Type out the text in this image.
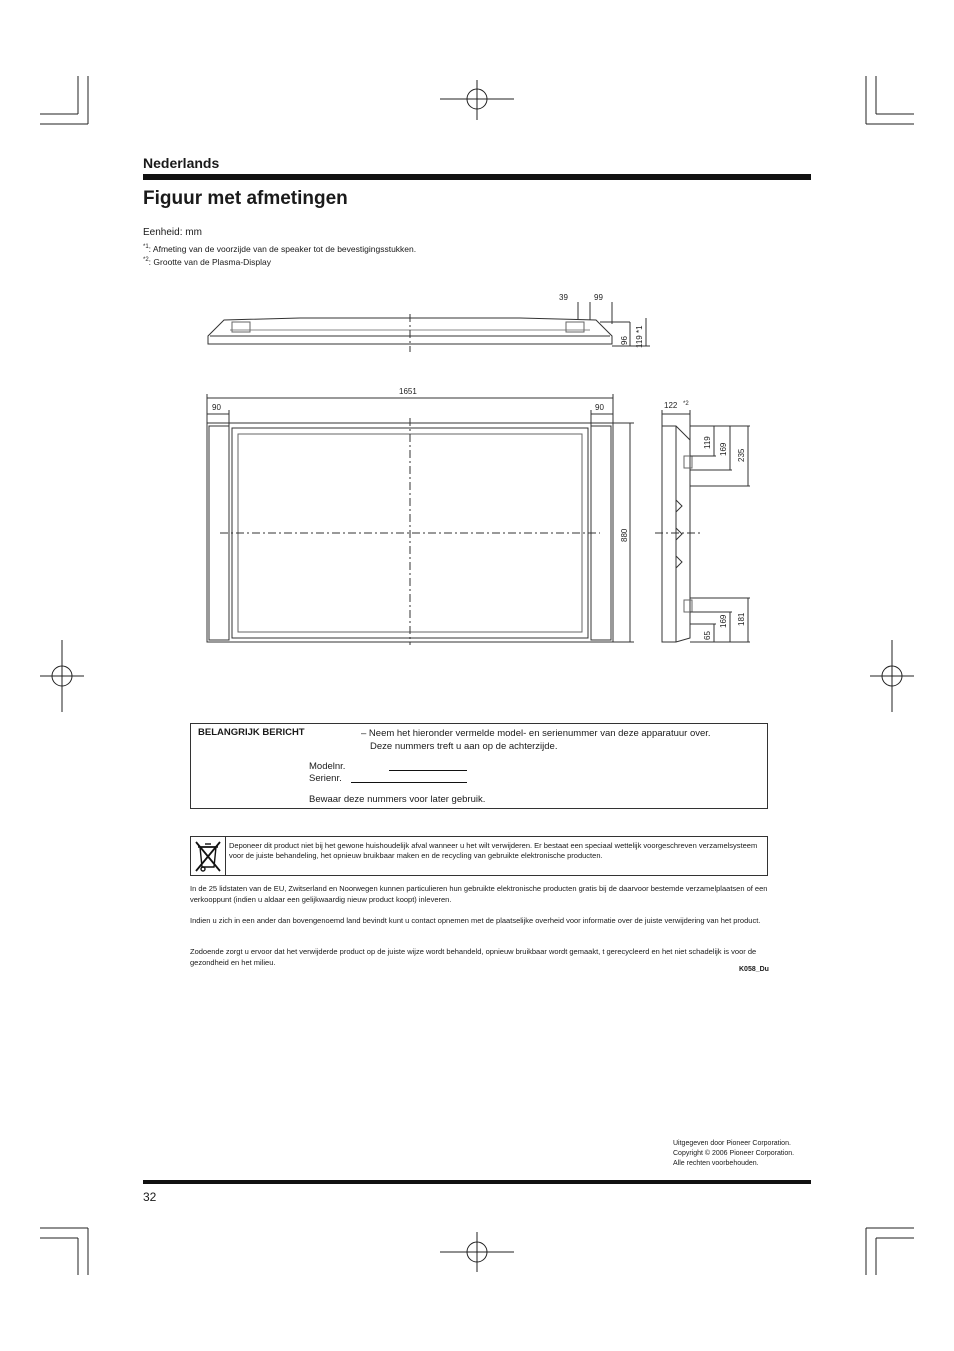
Nederlands
Figuur met afmetingen
Eenheid: mm
$^{*1}$: Afmeting van de voorzijde van de speaker tot de bevestigingsstukken.
$^{*2}$: Grootte van de Plasma-Display
39	99
96 119 *1
1651
90	90
880
122 *2
119
169 235
65
169 181
BELANGRIJK BERICHT	– Neem het hieronder vermelde model- en serienummer van deze apparatuur over.
Deze nummers treft u aan op de achterzijde.
Modelnr.
Serienr.
Bewaar deze nummers voor later gebruik.
Deponeer dit product niet bij het gewone huishoudelijk afval wanneer u het wilt verwijderen. Er bestaat een speciaal wettelijk voorgeschreven verzamelsysteem voor de juiste behandeling, het opnieuw bruikbaar maken en de recycling van gebruikte elektronische producten.
In de 25 lidstaten van de EU, Zwitserland en Noorwegen kunnen particulieren hun gebruikte elektronische producten gratis bij de daarvoor bestemde verzamelplaatsen of een verkooppunt (indien u aldaar een gelijkwaardig nieuw product koopt) inleveren.
Indien u zich in een ander dan bovengenoemd land bevindt kunt u contact opnemen met de plaatselijke overheid voor informatie over de juiste verwijdering van het product.
Zodoende zorgt u ervoor dat het verwijderde product op de juiste wijze wordt behandeld, opnieuw bruikbaar wordt gemaakt, t gerecycleerd en het niet schadelijk is voor de gezondheid en het milieu.
K058_Du
Uitgegeven door Pioneer Corporation.
Copyright © 2006 Pioneer Corporation.
Alle rechten voorbehouden.
32
